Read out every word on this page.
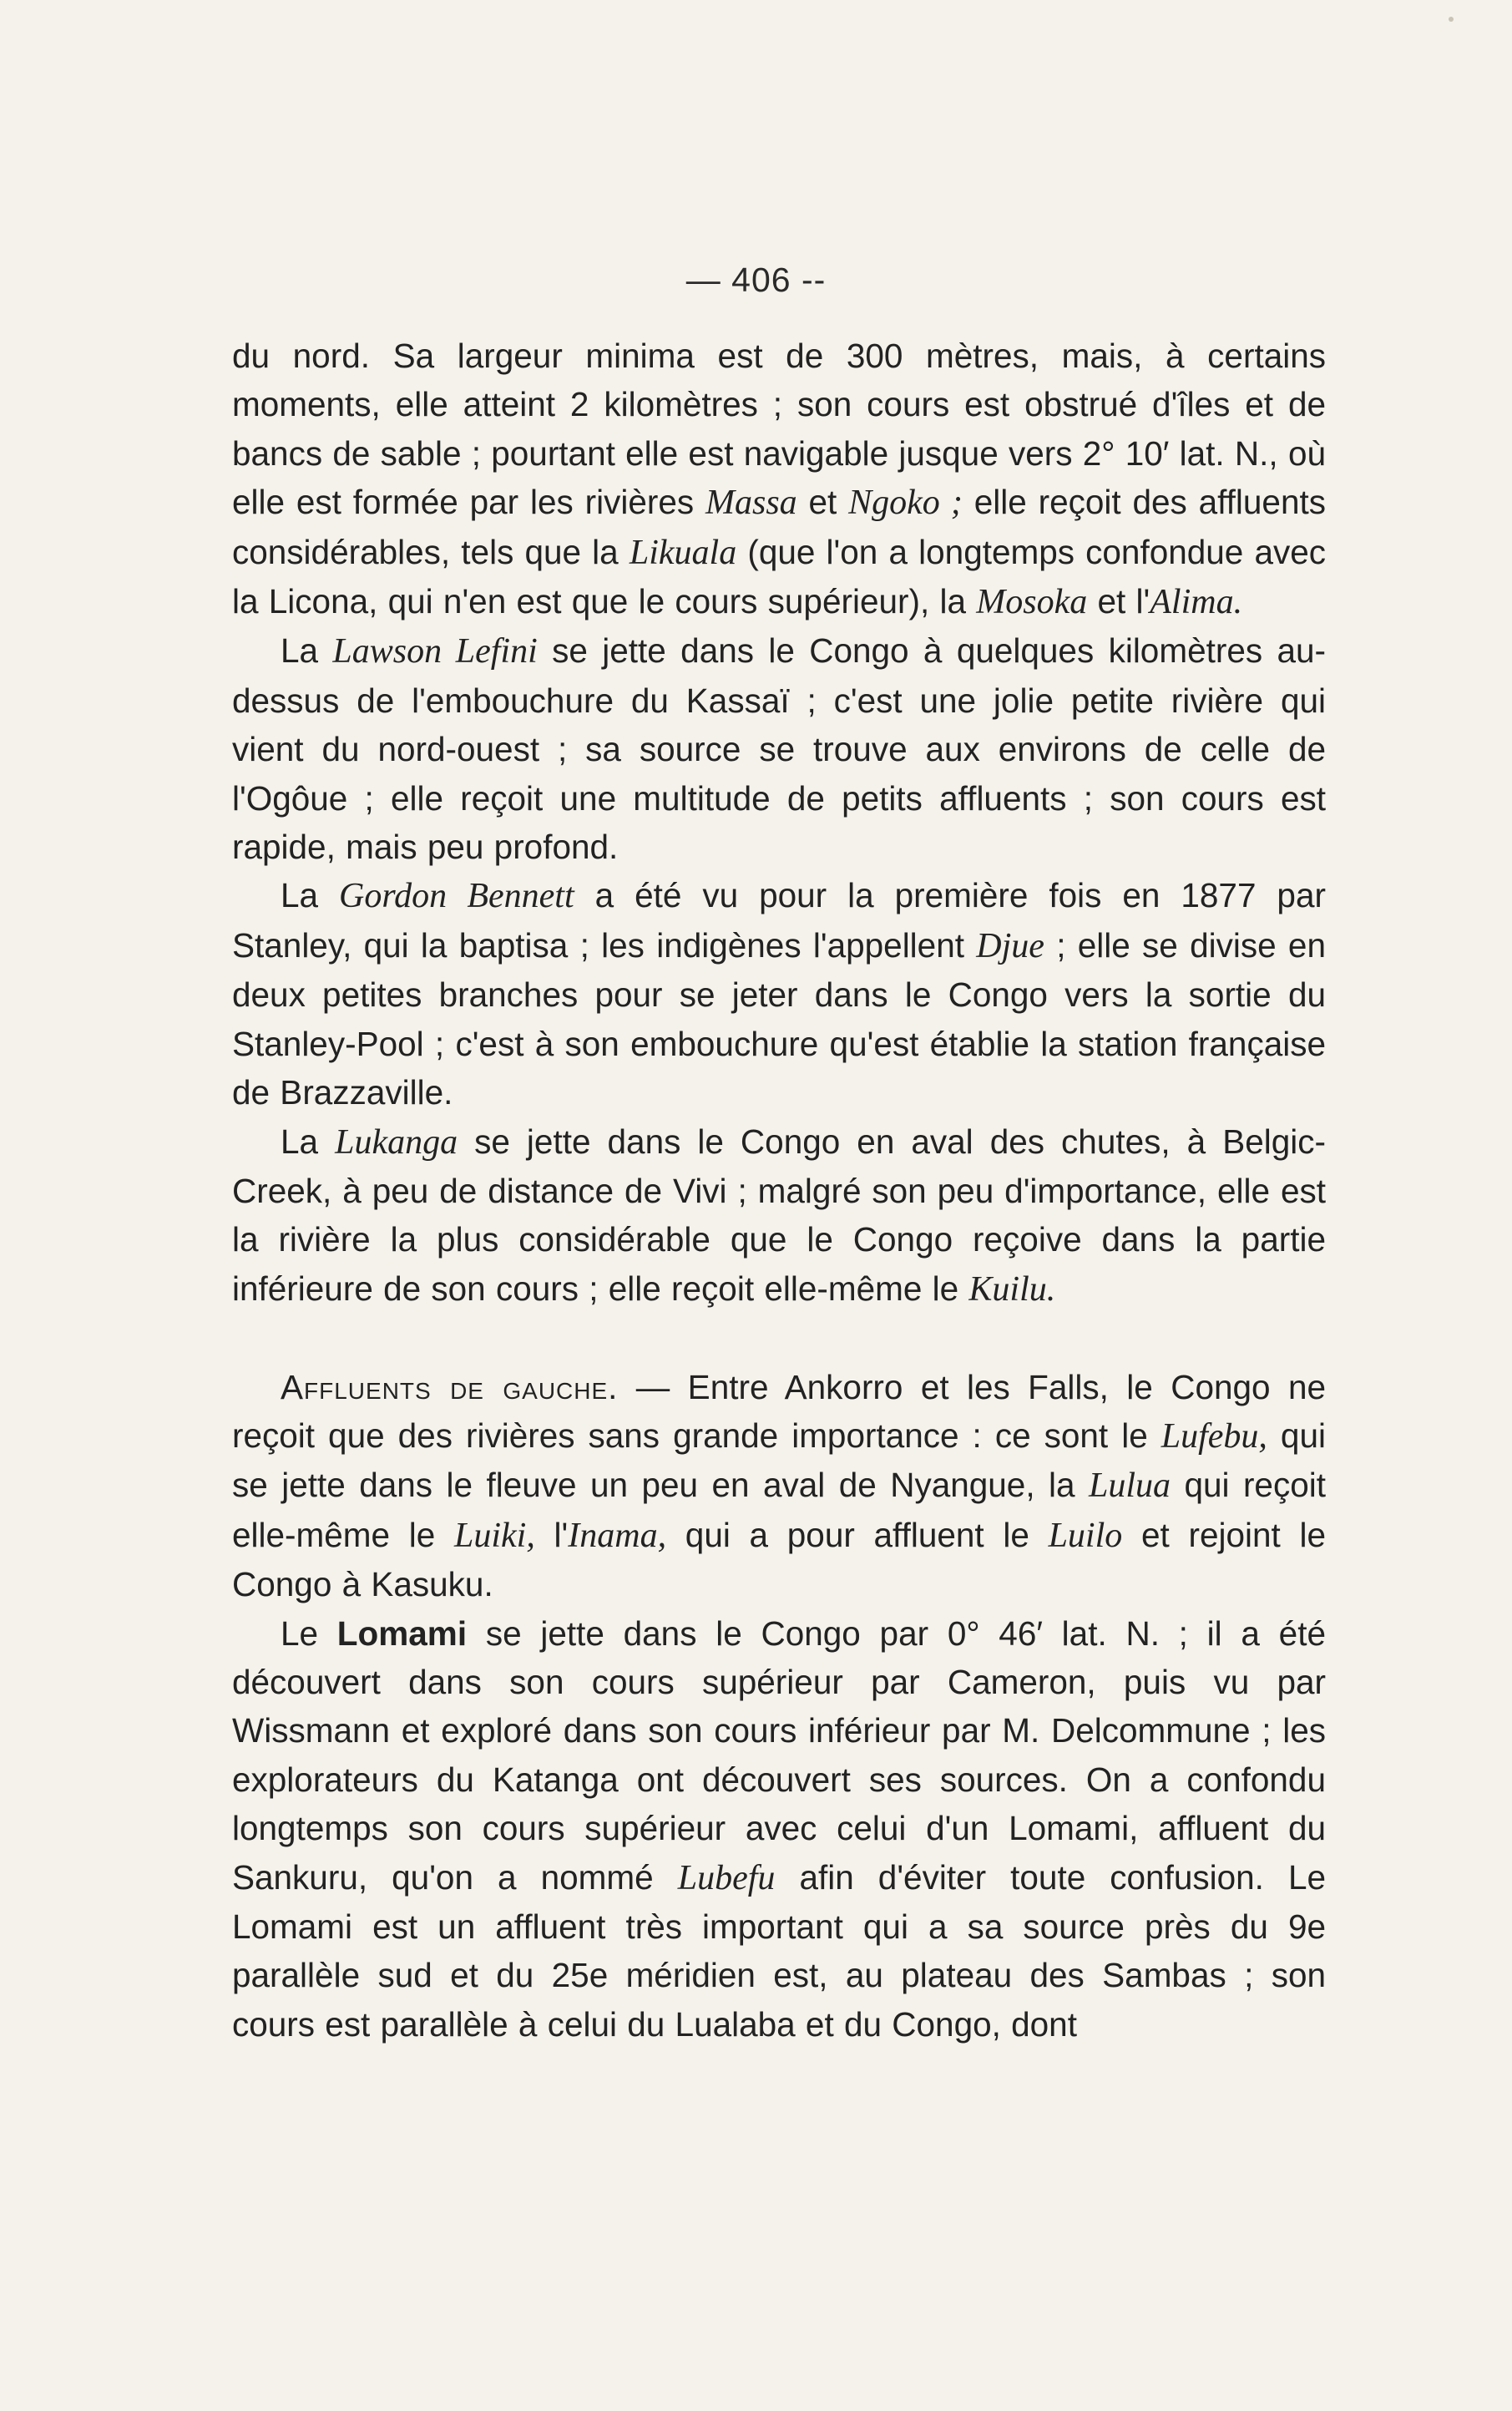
— 406 --

du nord. Sa largeur minima est de 300 mètres, mais, à certains moments, elle atteint 2 kilomètres ; son cours est obstrué d'îles et de bancs de sable ; pourtant elle est navigable jusque vers 2° 10′ lat. N., où elle est formée par les rivières Massa et Ngoko ; elle reçoit des affluents considérables, tels que la Likuala (que l'on a longtemps confondue avec la Licona, qui n'en est que le cours supérieur), la Mosoka et l'Alima.

La Lawson Lefini se jette dans le Congo à quelques kilomètres au-dessus de l'embouchure du Kassaï ; c'est une jolie petite rivière qui vient du nord-ouest ; sa source se trouve aux environs de celle de l'Ogôue ; elle reçoit une multitude de petits affluents ; son cours est rapide, mais peu profond.

La Gordon Bennett a été vu pour la première fois en 1877 par Stanley, qui la baptisa ; les indigènes l'appellent Djue ; elle se divise en deux petites branches pour se jeter dans le Congo vers la sortie du Stanley-Pool ; c'est à son embouchure qu'est établie la station française de Brazzaville.

La Lukanga se jette dans le Congo en aval des chutes, à Belgic-Creek, à peu de distance de Vivi ; malgré son peu d'importance, elle est la rivière la plus considérable que le Congo reçoive dans la partie inférieure de son cours ; elle reçoit elle-même le Kuilu.

Affluents de gauche. — Entre Ankorro et les Falls, le Congo ne reçoit que des rivières sans grande importance : ce sont le Lufebu, qui se jette dans le fleuve un peu en aval de Nyangue, la Lulua qui reçoit elle-même le Luiki, l'Inama, qui a pour affluent le Luilo et rejoint le Congo à Kasuku.

Le Lomami se jette dans le Congo par 0° 46′ lat. N. ; il a été découvert dans son cours supérieur par Cameron, puis vu par Wissmann et exploré dans son cours inférieur par M. Delcommune ; les explorateurs du Katanga ont découvert ses sources. On a confondu longtemps son cours supérieur avec celui d'un Lomami, affluent du Sankuru, qu'on a nommé Lubefu afin d'éviter toute confusion. Le Lomami est un affluent très important qui a sa source près du 9e parallèle sud et du 25e méridien est, au plateau des Sambas ; son cours est parallèle à celui du Lualaba et du Congo, dont
